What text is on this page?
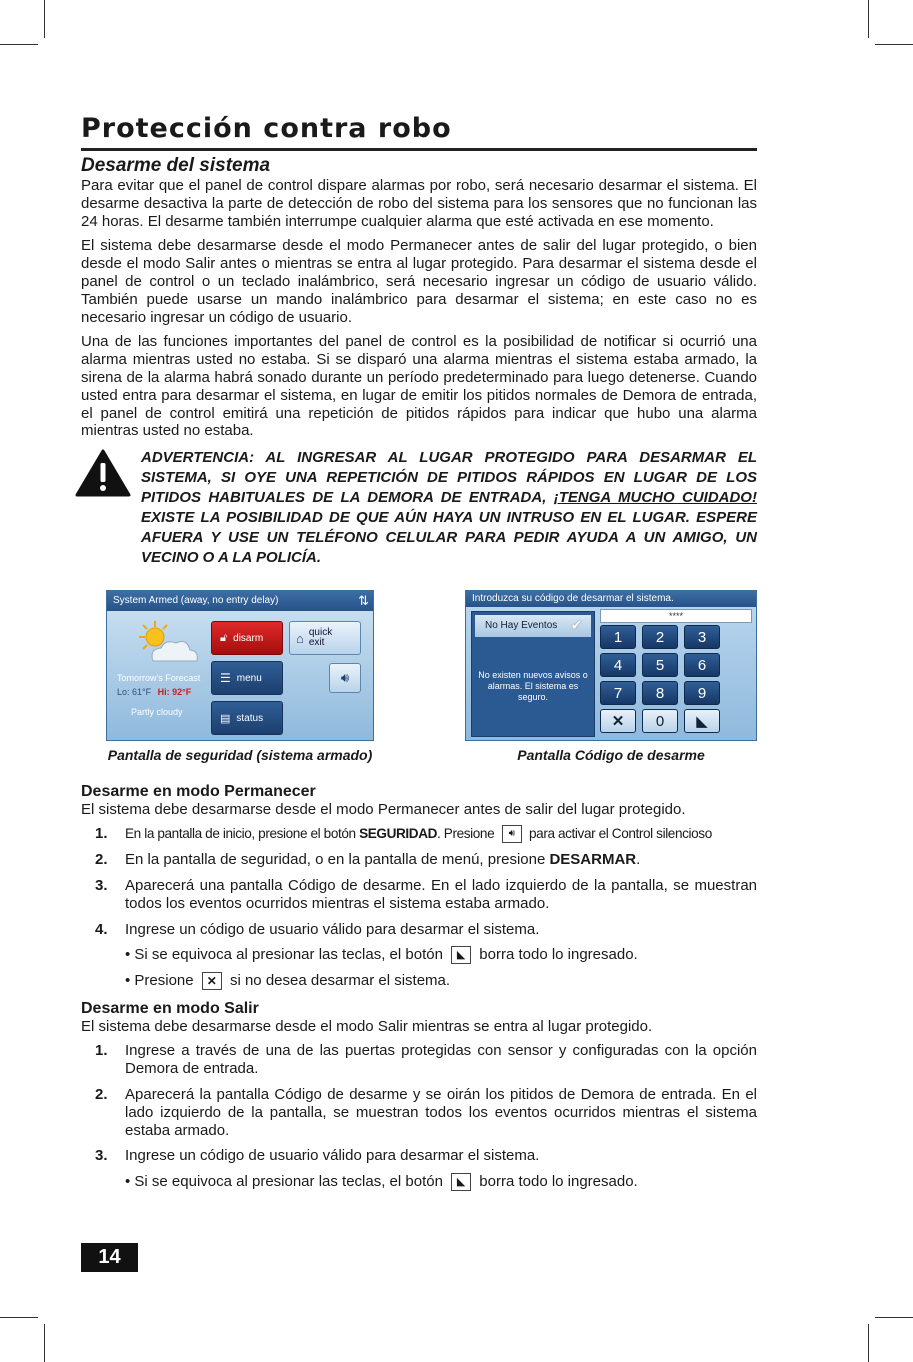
Protección contra robo
Desarme del sistema

Para evitar que el panel de control dispare alarmas por robo, será necesario desarmar el sistema. El desarme desactiva la parte de detección de robo del sistema para los sensores que no funcionan las 24 horas. El desarme también interrumpe cualquier alarma que esté activada en ese momento.

El sistema debe desarmarse desde el modo Permanecer antes de salir del lugar protegido, o bien desde el modo Salir antes o mientras se entra al lugar protegido. Para desarmar el sistema desde el panel de control o un teclado inalámbrico, será necesario ingresar un código de usuario válido. También puede usarse un mando inalámbrico para desarmar el sistema; en este caso no es necesario ingresar un código de usuario.

Una de las funciones importantes del panel de control es la posibilidad de notificar si ocurrió una alarma mientras usted no estaba. Si se disparó una alarma mientras el sistema estaba armado, la sirena de la alarma habrá sonado durante un período predeterminado para luego detenerse. Cuando usted entra para desarmar el sistema, en lugar de emitir los pitidos normales de Demora de entrada, el panel de control emitirá una repetición de pitidos rápidos para indicar que hubo una alarma mientras usted no estaba.

ADVERTENCIA: AL INGRESAR AL LUGAR PROTEGIDO PARA DESARMAR EL SISTEMA, SI OYE UNA REPETICIÓN DE PITIDOS RÁPIDOS EN LUGAR DE LOS PITIDOS HABITUALES DE LA DEMORA DE ENTRADA, ¡TENGA MUCHO CUIDADO! EXISTE LA POSIBILIDAD DE QUE AÚN HAYA UN INTRUSO EN EL LUGAR. ESPERE AFUERA Y USE UN TELÉFONO CELULAR PARA PEDIR AYUDA A UN AMIGO, UN VECINO O A LA POLICÍA.
System Armed (away, no entry delay)	⇅
Tomorrow's Forecast
Lo: 61°F Hi: 92°F
Partly cloudy
🔓︎ disarm	⌂ quick
exit
☰ menu	🔊︎
▤ status
Pantalla de seguridad (sistema armado)
Introduzca su código de desarmar el sistema.
****
No Hay Eventos ✔
No existen nuevos avisos o alarmas. El sistema es seguro.
1	2	3
4	5	6
7	8	9
✕	0	◣
Pantalla Código de desarme
Desarme en modo Permanecer

El sistema debe desarmarse desde el modo Permanecer antes de salir del lugar protegido.

1.	En la pantalla de inicio, presione el botón SEGURIDAD . Presione	🔊︎ para activar el Control silencioso
2.	En la pantalla de seguridad, o en la pantalla de menú, presione DESARMAR.
3.	Aparecerá una pantalla Código de desarme. En el lado izquierdo de la pantalla, se muestran todos los eventos ocurridos mientras el sistema estaba armado.
4.	Ingrese un código de usuario válido para desarmar el sistema.
• Si se equivoca al presionar las teclas, el botón ◣ borra todo lo ingresado.
• Presione ✕ si no desea desarmar el sistema.
Desarme en modo Salir

El sistema debe desarmarse desde el modo Salir mientras se entra al lugar protegido.

1.	Ingrese a través de una de las puertas protegidas con sensor y configuradas con la opción Demora de entrada.
2.	Aparecerá la pantalla Código de desarme y se oirán los pitidos de Demora de entrada. En el lado izquierdo de la pantalla, se muestran todos los eventos ocurridos mientras el sistema estaba armado.
3.	Ingrese un código de usuario válido para desarmar el sistema.
• Si se equivoca al presionar las teclas, el botón ◣ borra todo lo ingresado.
14
